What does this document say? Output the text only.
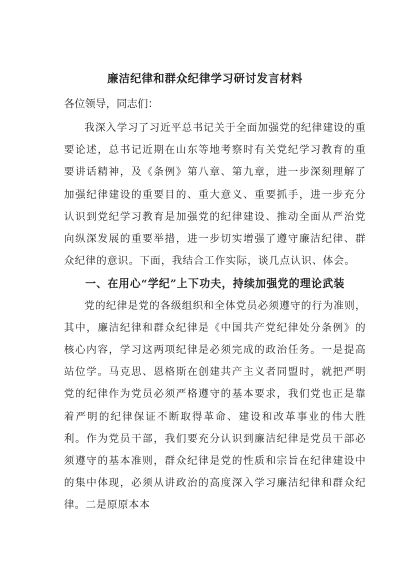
廉洁纪律和群众纪律学习研讨发言材料

各位领导，同志们：

我深入学习了习近平总书记关于全面加强党的纪律建设的重要论述，总书记近期在山东等地考察时有关党纪学习教育的重要讲话精神，及《条例》第八章、第九章，进一步深刻理解了加强纪律建设的重要目的、重大意义、重要抓手，进一步充分认识到党纪学习教育是加强党的纪律建设、推动全面从严治党向纵深发展的重要举措，进一步切实增强了遵守廉洁纪律、群众纪律的意识。下面，我结合工作实际，谈几点认识、体会。

一、在用心“学纪”上下功夫，持续加强党的理论武装

党的纪律是党的各级组织和全体党员必须遵守的行为准则，其中，廉洁纪律和群众纪律是《中国共产党纪律处分条例》的核心内容，学习这两项纪律是必须完成的政治任务。一是提高站位学。马克思、恩格斯在创建共产主义者同盟时，就把严明党的纪律作为党员必须严格遵守的基本要求，我们党也正是靠着严明的纪律保证不断取得革命、建设和改革事业的伟大胜利。作为党员干部，我们要充分认识到廉洁纪律是党员干部必须遵守的基本准则，群众纪律是党的性质和宗旨在纪律建设中的集中体现，必须从讲政治的高度深入学习廉洁纪律和群众纪律。二是原原本本
